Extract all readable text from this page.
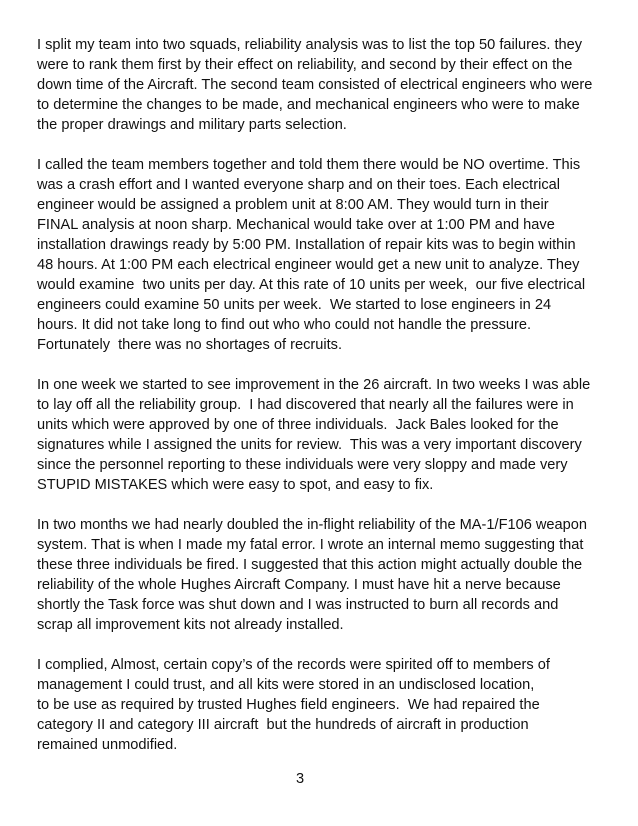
I split my team into two squads, reliability analysis was to list the top 50 failures. they
were to rank them first by their effect on reliability, and second by their effect on the
down time of the Aircraft. The second team consisted of electrical engineers who were
to determine the changes to be made, and mechanical engineers who were to make
the proper drawings and military parts selection.

I called the team members together and told them there would be NO overtime. This
was a crash effort and I wanted everyone sharp and on their toes. Each electrical
engineer would be assigned a problem unit at 8:00 AM. They would turn in their
FINAL analysis at noon sharp. Mechanical would take over at 1:00 PM and have
installation drawings ready by 5:00 PM. Installation of repair kits was to begin within
48 hours. At 1:00 PM each electrical engineer would get a new unit to analyze. They
would examine  two units per day. At this rate of 10 units per week,  our five electrical
engineers could examine 50 units per week.  We started to lose engineers in 24
hours. It did not take long to find out who who could not handle the pressure.
Fortunately  there was no shortages of recruits.

In one week we started to see improvement in the 26 aircraft. In two weeks I was able
to lay off all the reliability group.  I had discovered that nearly all the failures were in
units which were approved by one of three individuals.  Jack Bales looked for the
signatures while I assigned the units for review.  This was a very important discovery
since the personnel reporting to these individuals were very sloppy and made very
STUPID MISTAKES which were easy to spot, and easy to fix.

In two months we had nearly doubled the in-flight reliability of the MA-1/F106 weapon
system. That is when I made my fatal error. I wrote an internal memo suggesting that
these three individuals be fired. I suggested that this action might actually double the
reliability of the whole Hughes Aircraft Company. I must have hit a nerve because
shortly the Task force was shut down and I was instructed to burn all records and
scrap all improvement kits not already installed.

I complied, Almost, certain copy’s of the records were spirited off to members of
management I could trust, and all kits were stored in an undisclosed location,
to be use as required by trusted Hughes field engineers.  We had repaired the
category II and category III aircraft  but the hundreds of aircraft in production
remained unmodified.

3
